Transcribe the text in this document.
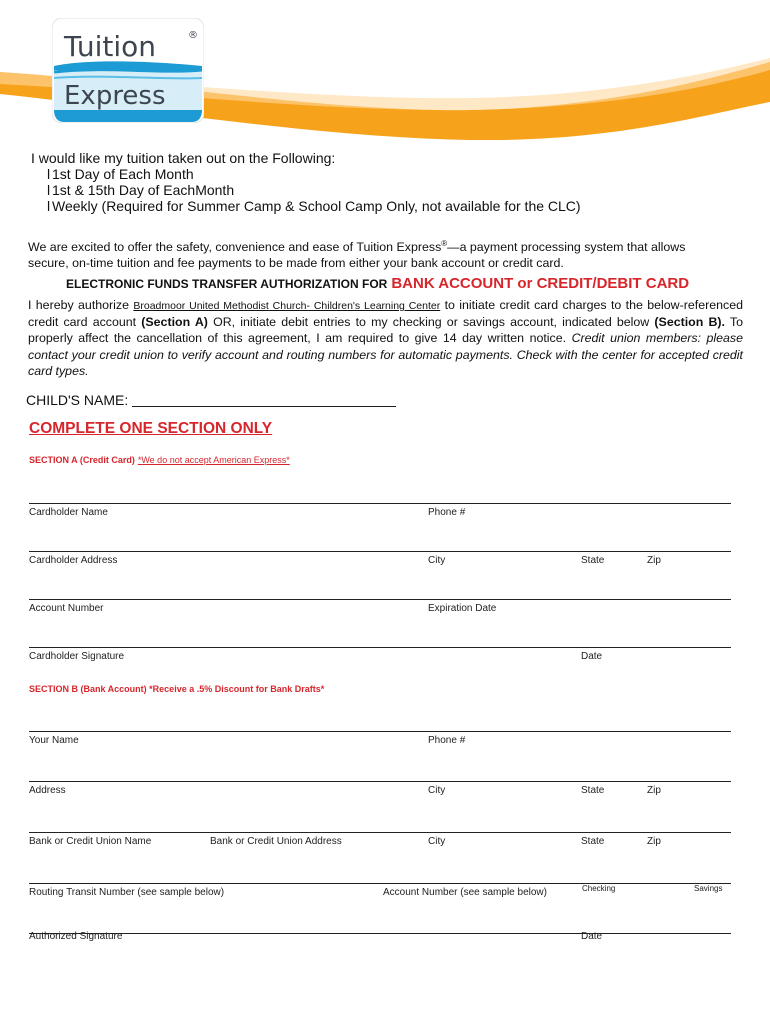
Tuition	®
Express
I would like my tuition taken out on the Following:
l 1st Day of Each Month
l 1st & 15th Day of EachMonth
l Weekly (Required for Summer Camp & School Camp Only, not available for the CLC)
We are excited to offer the safety, convenience and ease of Tuition Express®—a payment processing system that allows secure, on-time tuition and fee payments to be made from either your bank account or credit card.
ELECTRONIC FUNDS TRANSFER AUTHORIZATION FOR BANK ACCOUNT or CREDIT/DEBIT CARD
I hereby authorize Broadmoor United Methodist Church- Children's Learning Center to initiate credit card charges to the below-referenced credit card account (Section A) OR, initiate debit entries to my checking or savings account, indicated below (Section B). To properly affect the cancellation of this agreement, I am required to give 14 day written notice. Credit union members: please contact your credit union to verify account and routing numbers for automatic payments. Check with the center for accepted credit card types.
CHILD'S NAME:
COMPLETE ONE SECTION ONLY
SECTION A (Credit Card) *We do not accept American Express*
Cardholder Name	Phone #
Cardholder Address	City	State	Zip
Account Number	Expiration Date
Cardholder Signature	Date
SECTION B (Bank Account) *Receive a .5% Discount for Bank Drafts*
Your Name	Phone #
Address	City	State	Zip
Bank or Credit Union Name	Bank or Credit Union Address	City	State	Zip
Routing Transit Number (see sample below)	Account Number (see sample below)	Checking	Savings
Authorized Signature	Date
